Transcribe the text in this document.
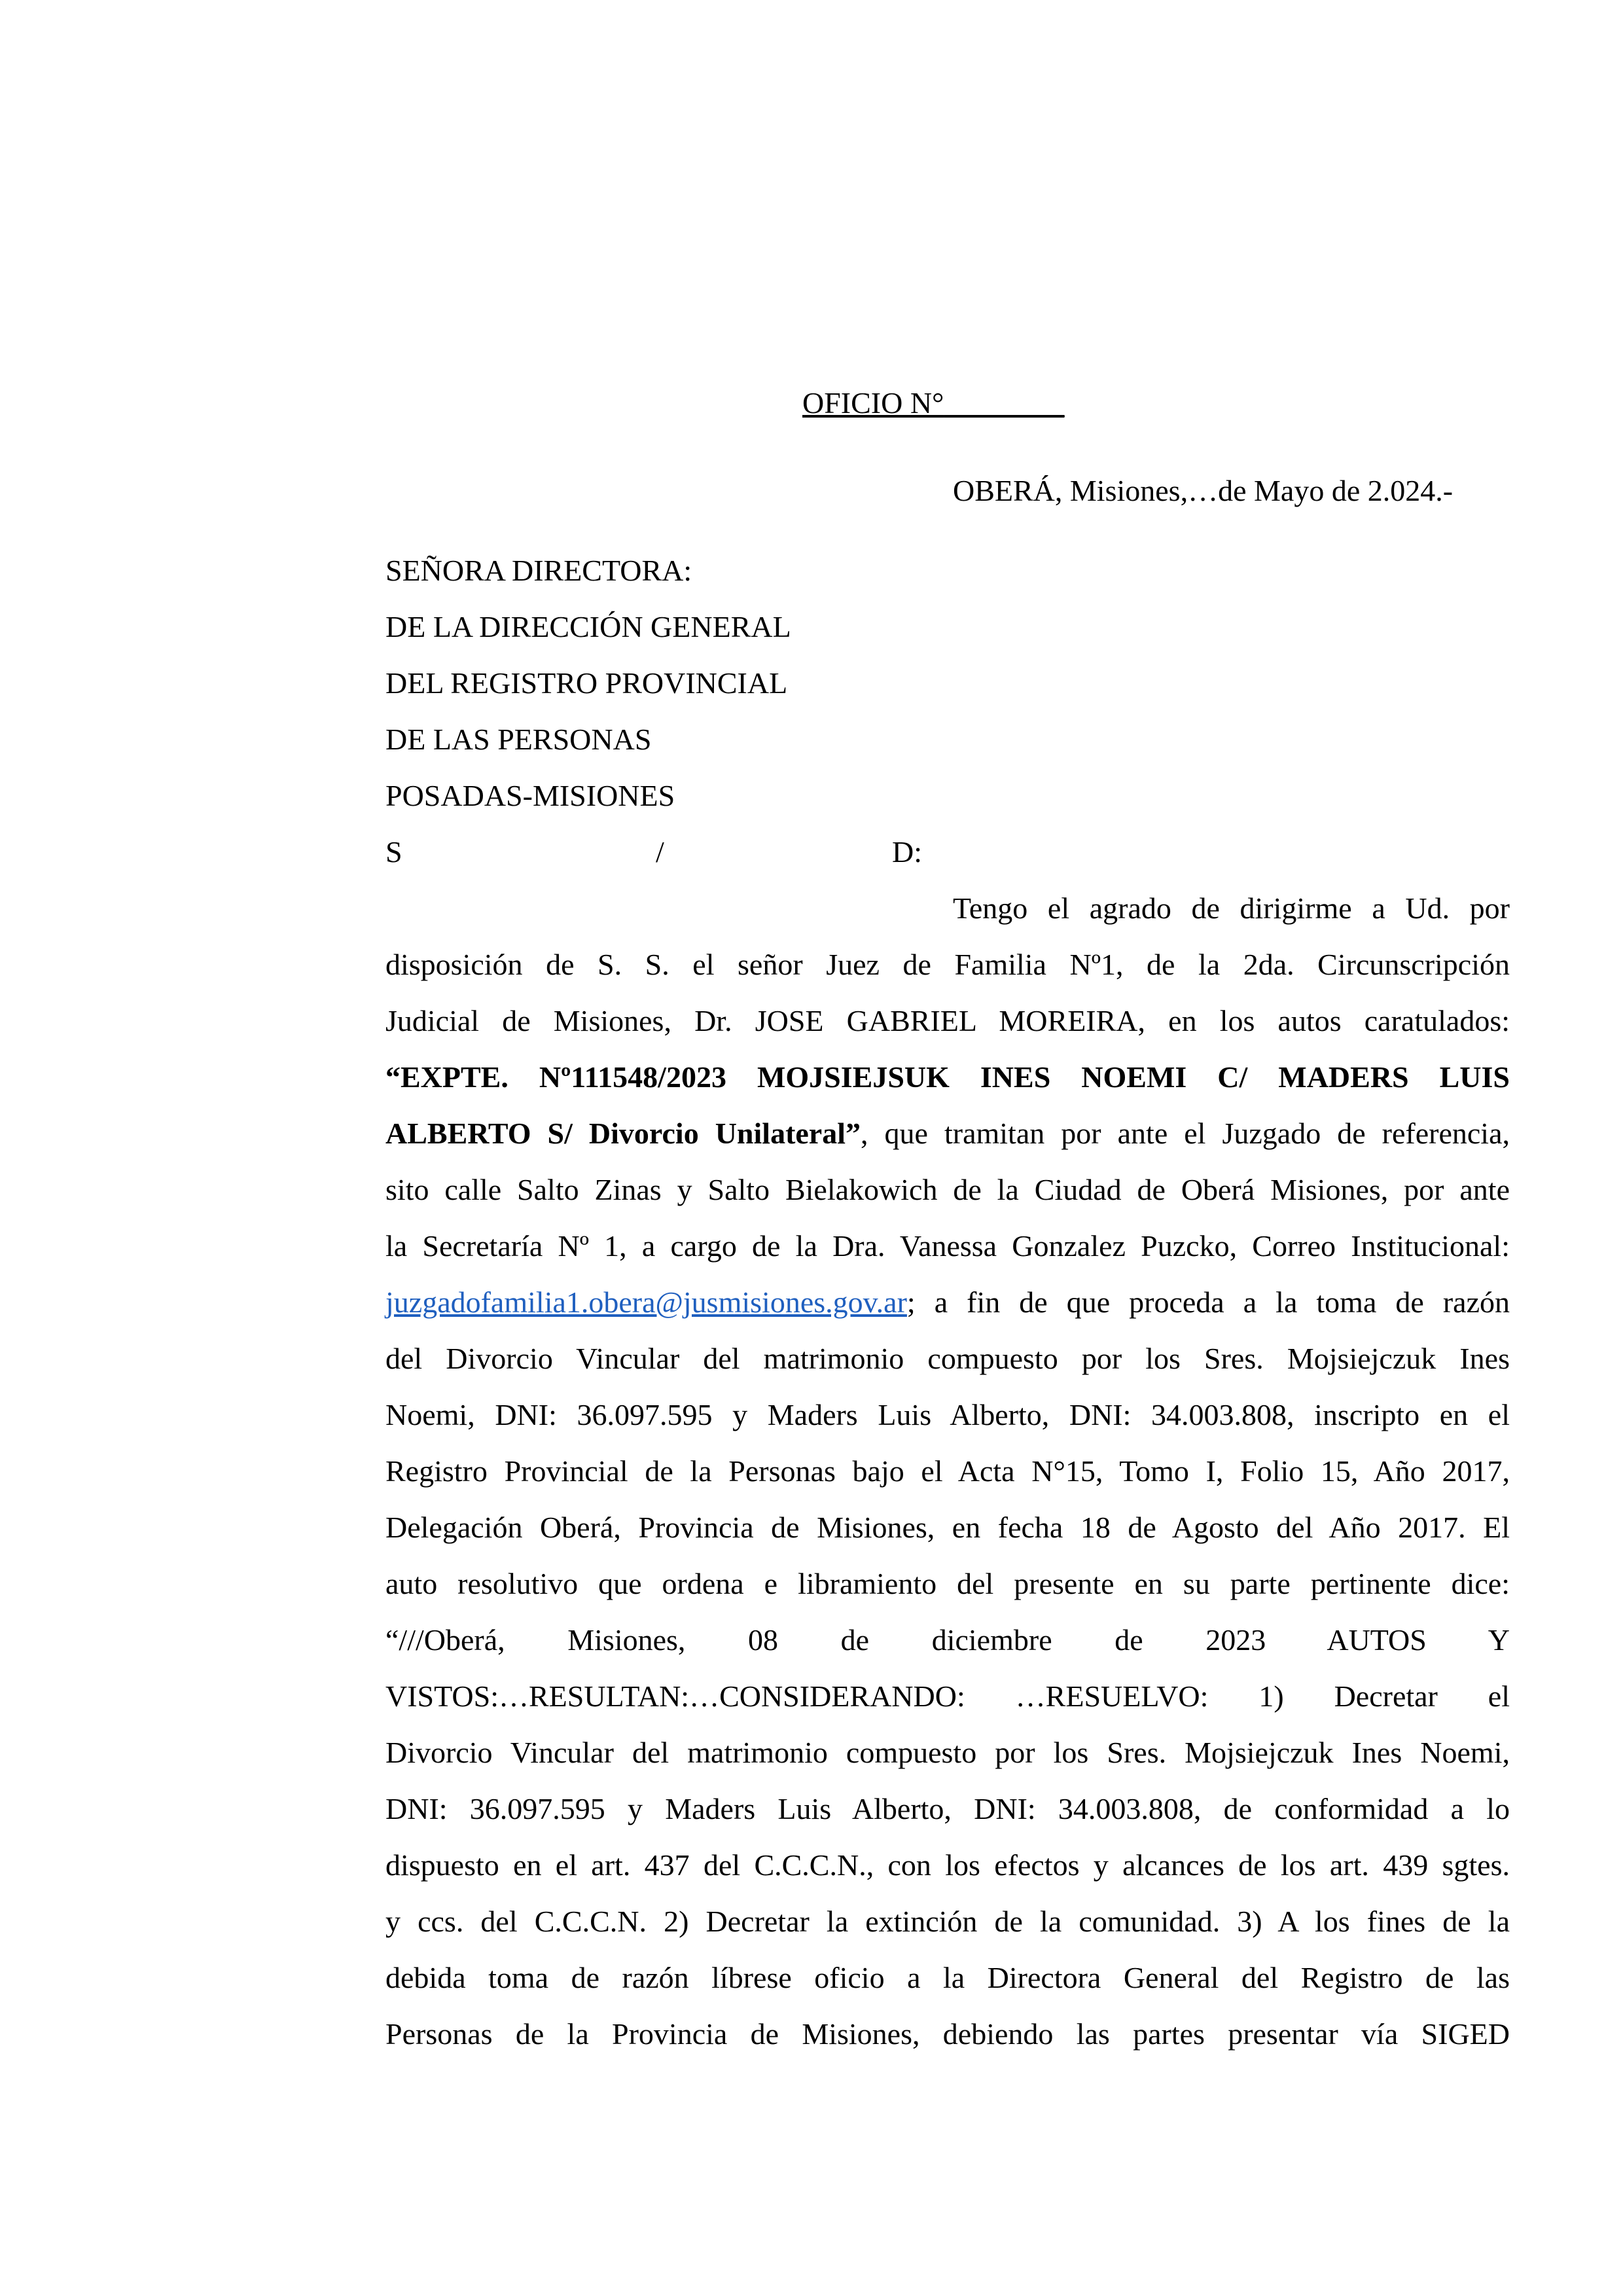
OFICIO N°________
OBERÁ, Misiones,…de Mayo de 2.024.-
SEÑORA DIRECTORA:
DE LA DIRECCIÓN GENERAL
DEL REGISTRO PROVINCIAL
DE LAS PERSONAS
POSADAS-MISIONES
S	/	D:
Tengo el agrado de dirigirme a Ud. por
disposición de S. S. el señor Juez de Familia Nº1, de la 2da. Circunscripción
Judicial de Misiones, Dr. JOSE GABRIEL MOREIRA, en los autos caratulados:
“EXPTE. Nº111548/2023 MOJSIEJSUK INES NOEMI C/ MADERS LUIS
ALBERTO S/ Divorcio Unilateral”, que tramitan por ante el Juzgado de referencia,
sito calle Salto Zinas y Salto Bielakowich de la Ciudad de Oberá Misiones, por ante
la Secretaría Nº 1, a cargo de la Dra. Vanessa Gonzalez Puzcko, Correo Institucional:
juzgadofamilia1.obera@jusmisiones.gov.ar; a fin de que proceda a la toma de razón
del Divorcio Vincular del matrimonio compuesto por los Sres. Mojsiejczuk Ines
Noemi, DNI: 36.097.595 y Maders Luis Alberto, DNI: 34.003.808, inscripto en el
Registro Provincial de la Personas bajo el Acta N°15, Tomo I, Folio 15, Año 2017,
Delegación Oberá, Provincia de Misiones, en fecha 18 de Agosto del Año 2017. El
auto resolutivo que ordena e libramiento del presente en su parte pertinente dice:
“///Oberá, Misiones, 08 de diciembre de 2023 AUTOS Y
VISTOS:…RESULTAN:…CONSIDERANDO: …RESUELVO: 1) Decretar el
Divorcio Vincular del matrimonio compuesto por los Sres. Mojsiejczuk Ines Noemi,
DNI: 36.097.595 y Maders Luis Alberto, DNI: 34.003.808, de conformidad a lo
dispuesto en el art. 437 del C.C.C.N., con los efectos y alcances de los art. 439 sgtes.
y ccs. del C.C.C.N. 2) Decretar la extinción de la comunidad. 3) A los fines de la
debida toma de razón líbrese oficio a la Directora General del Registro de las
Personas de la Provincia de Misiones, debiendo las partes presentar vía SIGED
